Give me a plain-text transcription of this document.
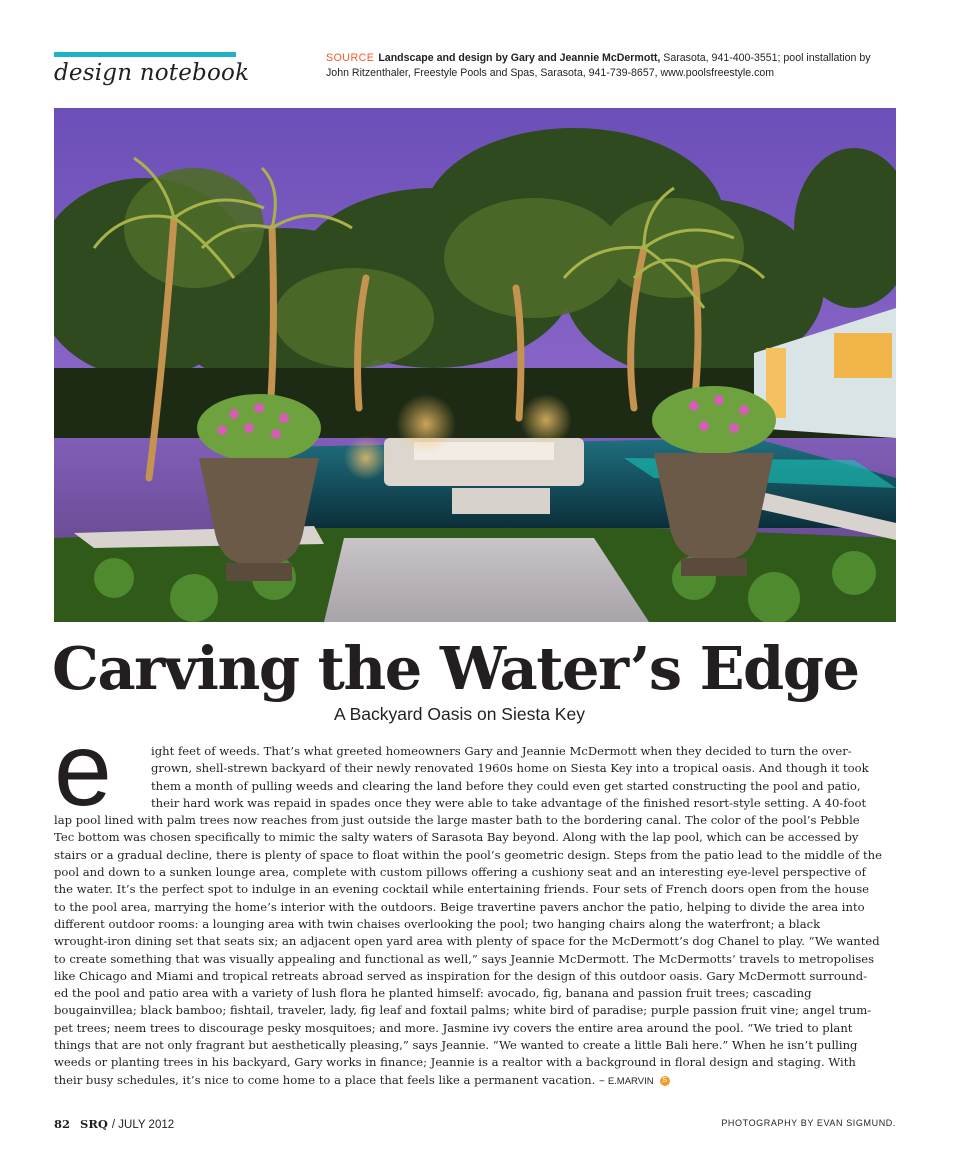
design notebook
SOURCE Landscape and design by Gary and Jeannie McDermott, Sarasota, 941-400-3551; pool installation by
John Ritzenthaler, Freestyle Pools and Spas, Sarasota, 941-739-8657, www.poolsfreestyle.com
Carving the Water’s Edge
A Backyard Oasis on Siesta Key
e	ight feet of weeds. That’s what greeted homeowners Gary and Jeannie McDermott when they decided to turn the over-
grown, shell-strewn backyard of their newly renovated 1960s home on Siesta Key into a tropical oasis. And though it took
them a month of pulling weeds and clearing the land before they could even get started constructing the pool and patio,
their hard work was repaid in spades once they were able to take advantage of the finished resort-style setting. A 40-foot
lap pool lined with palm trees now reaches from just outside the large master bath to the bordering canal. The color of the pool’s Pebble
Tec bottom was chosen specifically to mimic the salty waters of Sarasota Bay beyond. Along with the lap pool, which can be accessed by
stairs or a gradual decline, there is plenty of space to float within the pool’s geometric design. Steps from the patio lead to the middle of the
pool and down to a sunken lounge area, complete with custom pillows offering a cushiony seat and an interesting eye-level perspective of
the water. It’s the perfect spot to indulge in an evening cocktail while entertaining friends. Four sets of French doors open from the house
to the pool area, marrying the home’s interior with the outdoors. Beige travertine pavers anchor the patio, helping to divide the area into
different outdoor rooms: a lounging area with twin chaises overlooking the pool; two hanging chairs along the waterfront; a black
wrought-iron dining set that seats six; an adjacent open yard area with plenty of space for the McDermott’s dog Chanel to play. “We wanted
to create something that was visually appealing and functional as well,” says Jeannie McDermott. The McDermotts’ travels to metropolises
like Chicago and Miami and tropical retreats abroad served as inspiration for the design of this outdoor oasis. Gary McDermott surround-
ed the pool and patio area with a variety of lush flora he planted himself: avocado, fig, banana and passion fruit trees; cascading
bougainvillea; black bamboo; fishtail, traveler, lady, fig leaf and foxtail palms; white bird of paradise; purple passion fruit vine; angel trum-
pet trees; neem trees to discourage pesky mosquitoes; and more. Jasmine ivy covers the entire area around the pool. “We tried to plant
things that are not only fragrant but aesthetically pleasing,” says Jeannie. “We wanted to create a little Bali here.” When he isn’t pulling
weeds or planting trees in his backyard, Gary works in finance; Jeannie is a realtor with a background in floral design and staging. With
their busy schedules, it’s nice to come home to a place that feels like a permanent vacation. – E.MARVIN S
82 SRQ / JULY 2012	PHOTOGRAPHY BY EVAN SIGMUND.
